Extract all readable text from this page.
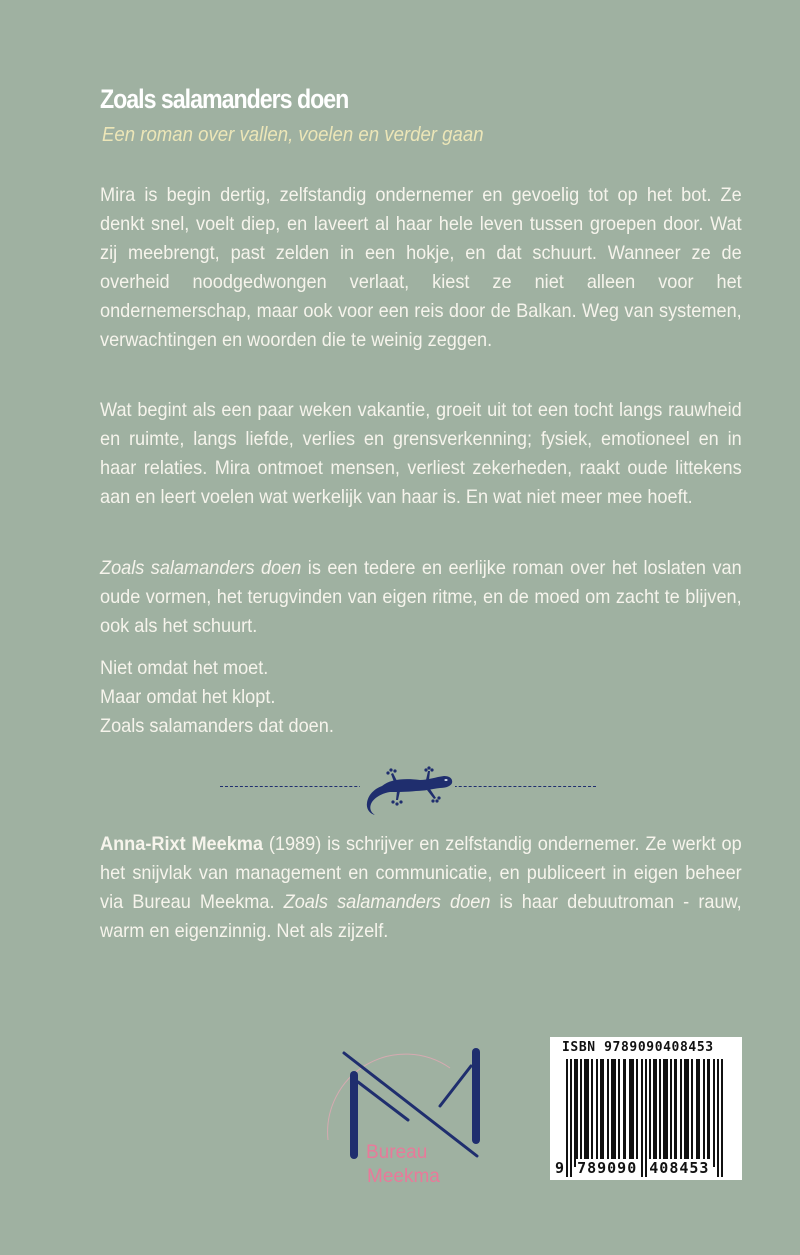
Zoals salamanders doen
Een roman over vallen, voelen en verder gaan

Mira is begin dertig, zelfstandig ondernemer en gevoelig tot op het bot. Ze denkt snel, voelt diep, en laveert al haar hele leven tussen groepen door. Wat zij meebrengt, past zelden in een hokje, en dat schuurt. Wanneer ze de overheid noodgedwongen verlaat, kiest ze niet alleen voor het ondernemerschap, maar ook voor een reis door de Balkan. Weg van systemen, verwachtingen en woorden die te weinig zeggen.

Wat begint als een paar weken vakantie, groeit uit tot een tocht langs rauwheid en ruimte, langs liefde, verlies en grensverkenning; fysiek, emotioneel en in haar relaties. Mira ontmoet mensen, verliest zekerheden, raakt oude littekens aan en leert voelen wat werkelijk van haar is. En wat niet meer mee hoeft.

Zoals salamanders doen is een tedere en eerlijke roman over het loslaten van oude vormen, het terugvinden van eigen ritme, en de moed om zacht te blijven, ook als het schuurt.

Niet omdat het moet.
Maar omdat het klopt.
Zoals salamanders dat doen.

Anna-Rixt Meekma (1989) is schrijver en zelfstandig ondernemer. Ze werkt op het snijvlak van management en communicatie, en publiceert in eigen beheer via Bureau Meekma. Zoals salamanders doen is haar debuutroman - rauw, warm en eigenzinnig. Net als zijzelf.

Bureau
Meekma
ISBN 9789090408453
9 789090 408453
